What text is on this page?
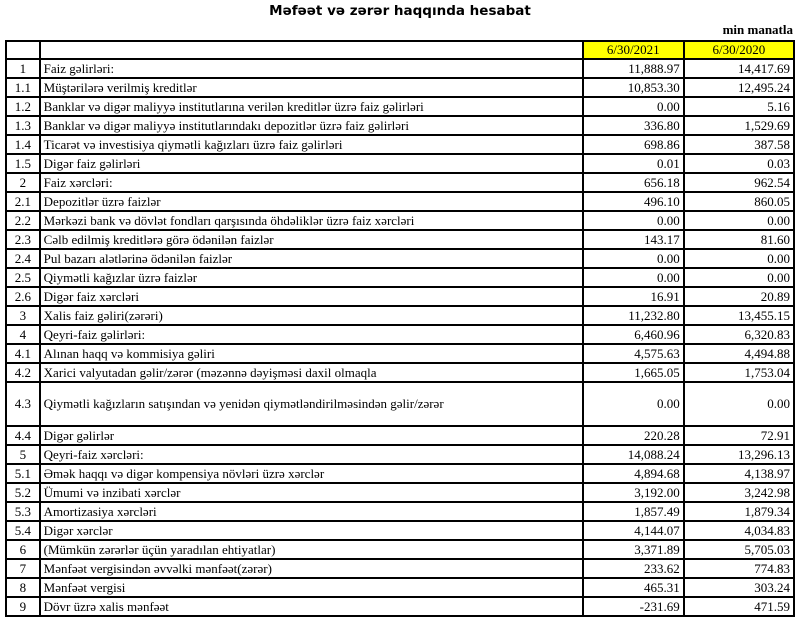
Məfəət və zərər haqqında hesabat
min manatla
		6/30/2021	6/30/2020
1	Faiz gəlirləri:	11,888.97	14,417.69
1.1	Müştərilərə verilmiş kreditlər	10,853.30	12,495.24
1.2	Banklar və digər maliyyə institutlarına verilən kreditlər üzrə faiz gəlirləri	0.00	5.16
1.3	Banklar və digər maliyyə institutlarındakı depozitlər üzrə faiz gəlirləri	336.80	1,529.69
1.4	Ticarət və investisiya qiymətli kağızları üzrə faiz gəlirləri	698.86	387.58
1.5	Digər faiz gəlirləri	0.01	0.03
2	Faiz xərcləri:	656.18	962.54
2.1	Depozitlər üzrə faizlər	496.10	860.05
2.2	Mərkəzi bank və dövlət fondları qarşısında öhdəliklər üzrə faiz xərcləri	0.00	0.00
2.3	Cəlb edilmiş kreditlərə görə ödənilən faizlər	143.17	81.60
2.4	Pul bazarı alətlərinə ödənilən faizlər	0.00	0.00
2.5	Qiymətli kağızlar üzrə faizlər	0.00	0.00
2.6	Digər faiz xərcləri	16.91	20.89
3	Xalis faiz gəliri(zərəri)	11,232.80	13,455.15
4	Qeyri-faiz gəlirləri:	6,460.96	6,320.83
4.1	Alınan haqq və kommisiya gəliri	4,575.63	4,494.88
4.2	Xarici valyutadan gəlir/zərər (məzənnə dəyişməsi daxil olmaqla	1,665.05	1,753.04
4.3	Qiymətli kağızların satışından və yenidən qiymətləndirilməsindən gəlir/zərər	0.00	0.00
4.4	Digər gəlirlər	220.28	72.91
5	Qeyri-faiz xərcləri:	14,088.24	13,296.13
5.1	Əmək haqqı və digər kompensiya növləri üzrə xərclər	4,894.68	4,138.97
5.2	Ümumi və inzibati xərclər	3,192.00	3,242.98
5.3	Amortizasiya xərcləri	1,857.49	1,879.34
5.4	Digər xərclər	4,144.07	4,034.83
6	(Mümkün zərərlər üçün yaradılan ehtiyatlar)	3,371.89	5,705.03
7	Mənfəət vergisindən əvvəlki mənfəət(zərər)	233.62	774.83
8	Mənfəət vergisi	465.31	303.24
9	Dövr üzrə xalis mənfəət	-231.69	471.59
